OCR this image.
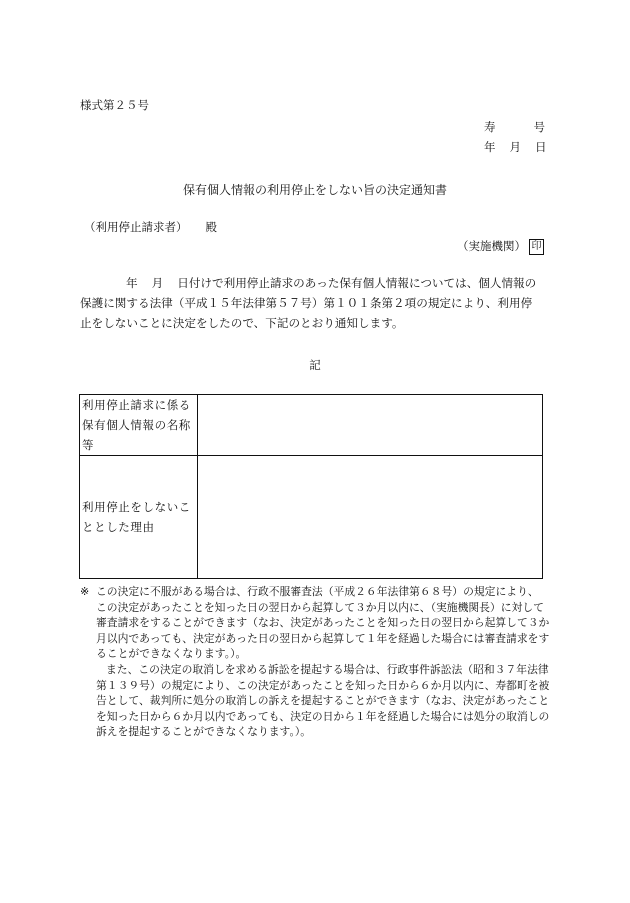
様式第２５号
寿	号
年 月 日
保有個人情報の利用停止をしない旨の決定通知書
（利用停止請求者） 殿
（実施機関） 印
年 月 日付けで利用停止請求のあった保有個人情報については、個人情報の
保護に関する法律（平成１５年法律第５７号）第１０１条第２項の規定により、利用停
止をしないことに決定をしたので、下記のとおり通知します。
記
利用停止請求に係る
保有個人情報の名称
等	

利用停止をしないこ
ととした理由	

※ この決定に不服がある場合は、行政不服審査法（平成２６年法律第６８号）の規定により、
この決定があったことを知った日の翌日から起算して３か月以内に、（実施機関長）に対して
審査請求をすることができます（なお、決定があったことを知った日の翌日から起算して３か
月以内であっても、決定があった日の翌日から起算して１年を経過した場合には審査請求をす
ることができなくなります。）。
また、この決定の取消しを求める訴訟を提起する場合は、行政事件訴訟法（昭和３７年法律
第１３９号）の規定により、この決定があったことを知った日から６か月以内に、寿都町を被
告として、裁判所に処分の取消しの訴えを提起することができます（なお、決定があったこと
を知った日から６か月以内であっても、決定の日から１年を経過した場合には処分の取消しの
訴えを提起することができなくなります。）。
